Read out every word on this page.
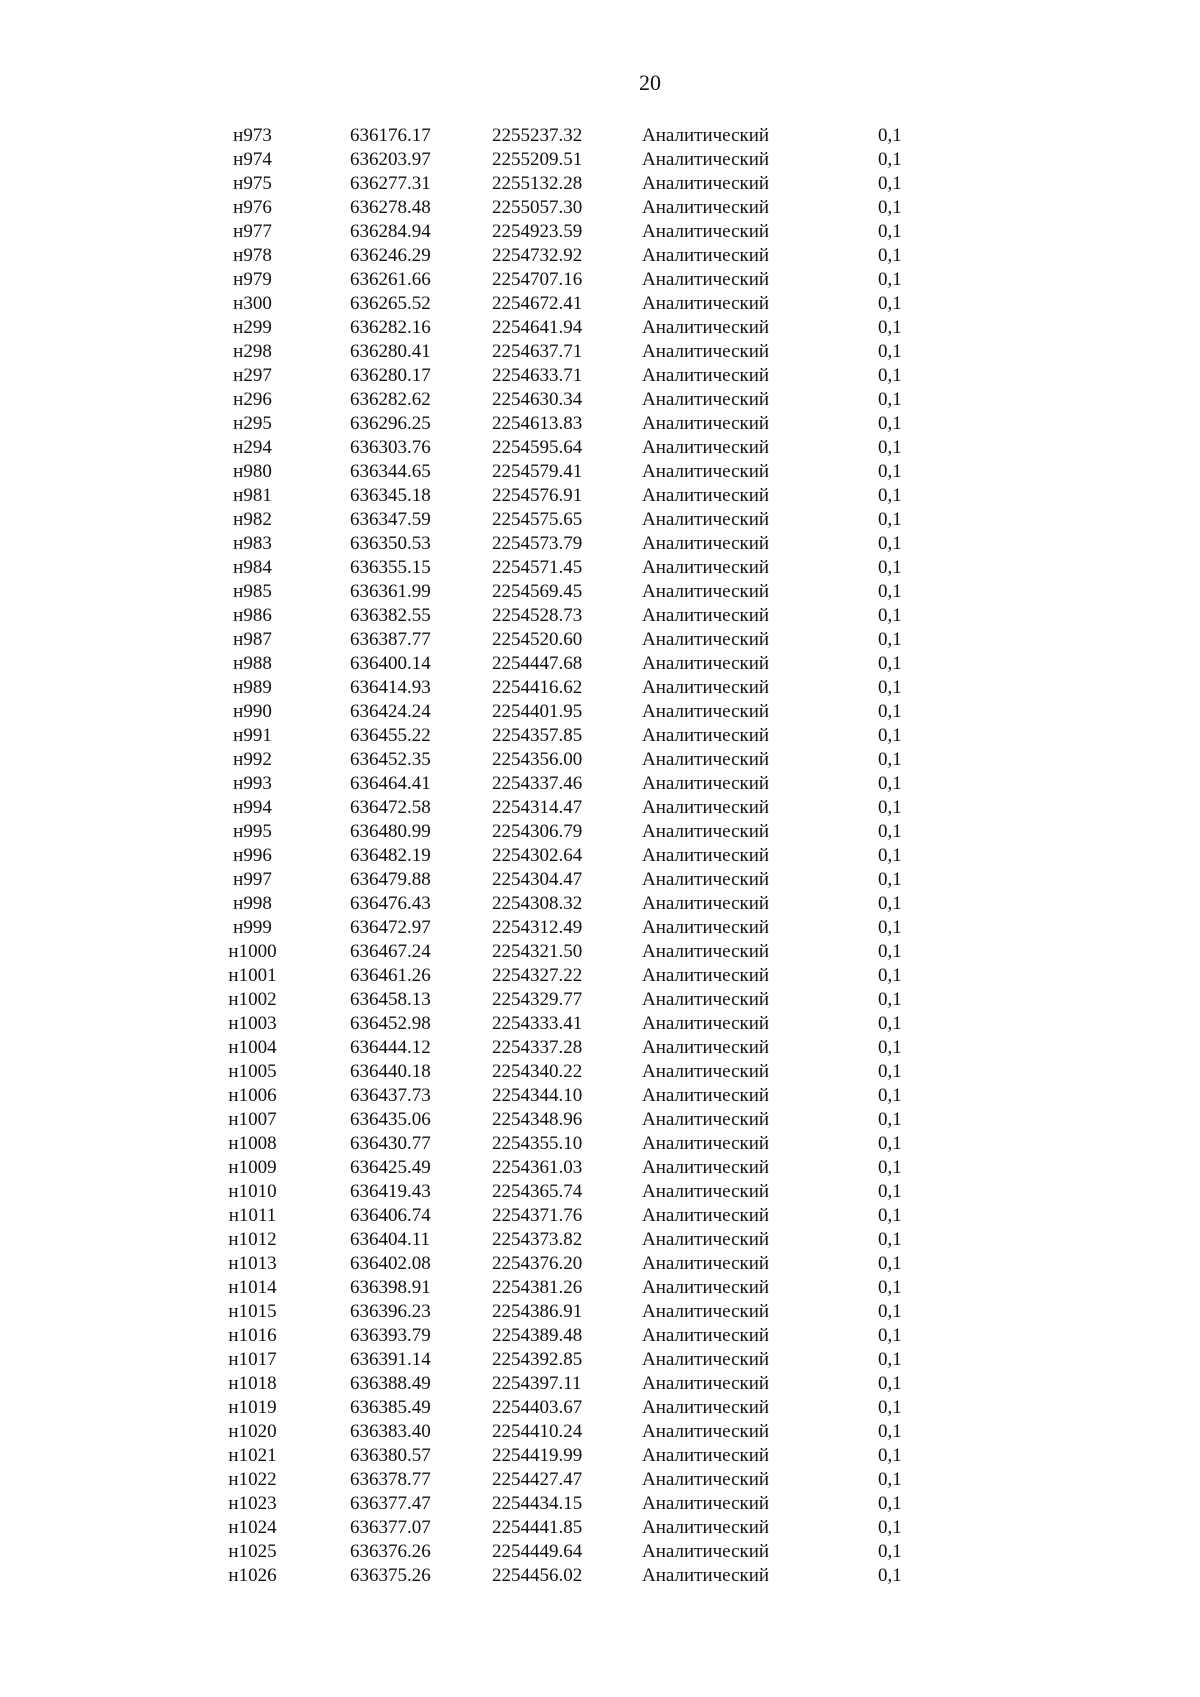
20
н973	636176.17	2255237.32	Аналитический	0,1
н974	636203.97	2255209.51	Аналитический	0,1
н975	636277.31	2255132.28	Аналитический	0,1
н976	636278.48	2255057.30	Аналитический	0,1
н977	636284.94	2254923.59	Аналитический	0,1
н978	636246.29	2254732.92	Аналитический	0,1
н979	636261.66	2254707.16	Аналитический	0,1
н300	636265.52	2254672.41	Аналитический	0,1
н299	636282.16	2254641.94	Аналитический	0,1
н298	636280.41	2254637.71	Аналитический	0,1
н297	636280.17	2254633.71	Аналитический	0,1
н296	636282.62	2254630.34	Аналитический	0,1
н295	636296.25	2254613.83	Аналитический	0,1
н294	636303.76	2254595.64	Аналитический	0,1
н980	636344.65	2254579.41	Аналитический	0,1
н981	636345.18	2254576.91	Аналитический	0,1
н982	636347.59	2254575.65	Аналитический	0,1
н983	636350.53	2254573.79	Аналитический	0,1
н984	636355.15	2254571.45	Аналитический	0,1
н985	636361.99	2254569.45	Аналитический	0,1
н986	636382.55	2254528.73	Аналитический	0,1
н987	636387.77	2254520.60	Аналитический	0,1
н988	636400.14	2254447.68	Аналитический	0,1
н989	636414.93	2254416.62	Аналитический	0,1
н990	636424.24	2254401.95	Аналитический	0,1
н991	636455.22	2254357.85	Аналитический	0,1
н992	636452.35	2254356.00	Аналитический	0,1
н993	636464.41	2254337.46	Аналитический	0,1
н994	636472.58	2254314.47	Аналитический	0,1
н995	636480.99	2254306.79	Аналитический	0,1
н996	636482.19	2254302.64	Аналитический	0,1
н997	636479.88	2254304.47	Аналитический	0,1
н998	636476.43	2254308.32	Аналитический	0,1
н999	636472.97	2254312.49	Аналитический	0,1
н1000	636467.24	2254321.50	Аналитический	0,1
н1001	636461.26	2254327.22	Аналитический	0,1
н1002	636458.13	2254329.77	Аналитический	0,1
н1003	636452.98	2254333.41	Аналитический	0,1
н1004	636444.12	2254337.28	Аналитический	0,1
н1005	636440.18	2254340.22	Аналитический	0,1
н1006	636437.73	2254344.10	Аналитический	0,1
н1007	636435.06	2254348.96	Аналитический	0,1
н1008	636430.77	2254355.10	Аналитический	0,1
н1009	636425.49	2254361.03	Аналитический	0,1
н1010	636419.43	2254365.74	Аналитический	0,1
н1011	636406.74	2254371.76	Аналитический	0,1
н1012	636404.11	2254373.82	Аналитический	0,1
н1013	636402.08	2254376.20	Аналитический	0,1
н1014	636398.91	2254381.26	Аналитический	0,1
н1015	636396.23	2254386.91	Аналитический	0,1
н1016	636393.79	2254389.48	Аналитический	0,1
н1017	636391.14	2254392.85	Аналитический	0,1
н1018	636388.49	2254397.11	Аналитический	0,1
н1019	636385.49	2254403.67	Аналитический	0,1
н1020	636383.40	2254410.24	Аналитический	0,1
н1021	636380.57	2254419.99	Аналитический	0,1
н1022	636378.77	2254427.47	Аналитический	0,1
н1023	636377.47	2254434.15	Аналитический	0,1
н1024	636377.07	2254441.85	Аналитический	0,1
н1025	636376.26	2254449.64	Аналитический	0,1
н1026	636375.26	2254456.02	Аналитический	0,1
